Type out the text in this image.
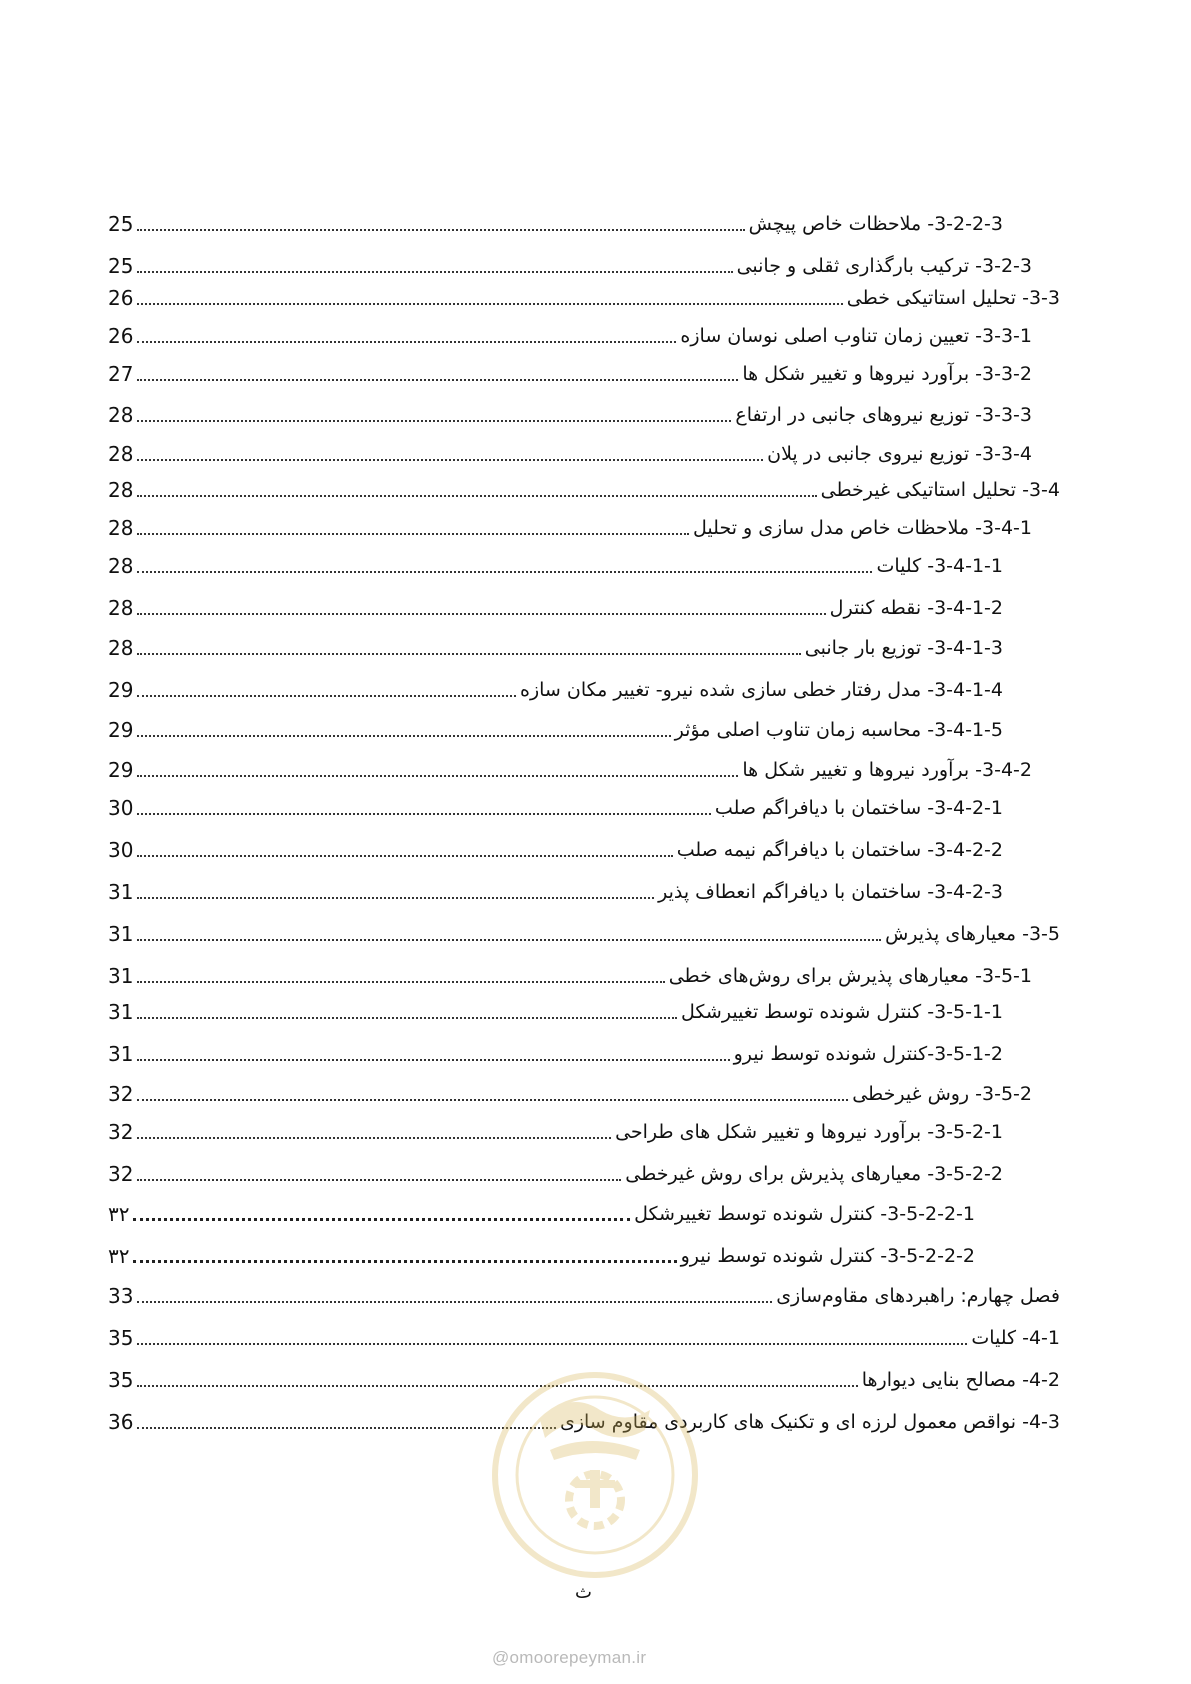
3-2-2-3- ملاحظات خاص پیچش
25
3-2-3- ترکیب بارگذاری ثقلی و جانبی
25
3-3- تحلیل استاتیکی خطی
26
3-3-1- تعیین زمان تناوب اصلی نوسان سازه
26
3-3-2- برآورد نیروها و تغییر شکل ها
27
3-3-3- توزیع نیروهای جانبی در ارتفاع
28
3-3-4- توزیع نیروی جانبی در پلان
28
3-4- تحلیل استاتیکی غیرخطی
28
3-4-1- ملاحظات خاص مدل سازی و تحلیل
28
3-4-1-1- کلیات
28
3-4-1-2- نقطه کنترل
28
3-4-1-3- توزیع بار جانبی
28
3-4-1-4- مدل رفتار خطی سازی شده نیرو- تغییر مکان سازه
29
3-4-1-5- محاسبه زمان تناوب اصلی مؤثر
29
3-4-2- برآورد نیروها و تغییر شکل ها
29
3-4-2-1- ساختمان با دیافراگم صلب
30
3-4-2-2- ساختمان با دیافراگم نیمه صلب
30
3-4-2-3- ساختمان با دیافراگم انعطاف پذیر
31
3-5- معیارهای پذیرش
31
3-5-1- معیارهای پذیرش برای روش‌های خطی
31
3-5-1-1- کنترل شونده توسط تغییرشکل
31
3-5-1-2-کنترل شونده توسط نیرو
31
3-5-2- روش غیرخطی
32
3-5-2-1- برآورد نیروها و تغییر شکل های طراحی
32
3-5-2-2- معیارهای پذیرش برای روش غیرخطی
32
3-5-2-2-1- کنترل شونده توسط تغییرشکل
۳۲
3-5-2-2-2- کنترل شونده توسط نیرو
۳۲
فصل چهارم: راهبردهای مقاوم‌سازی
33
4-1- کلیات
35
4-2- مصالح بنایی دیوارها
35
4-3- نواقص معمول لرزه ای و تکنیک های کاربردی مقاوم سازی
36
ث
@omoorepeyman.ir
